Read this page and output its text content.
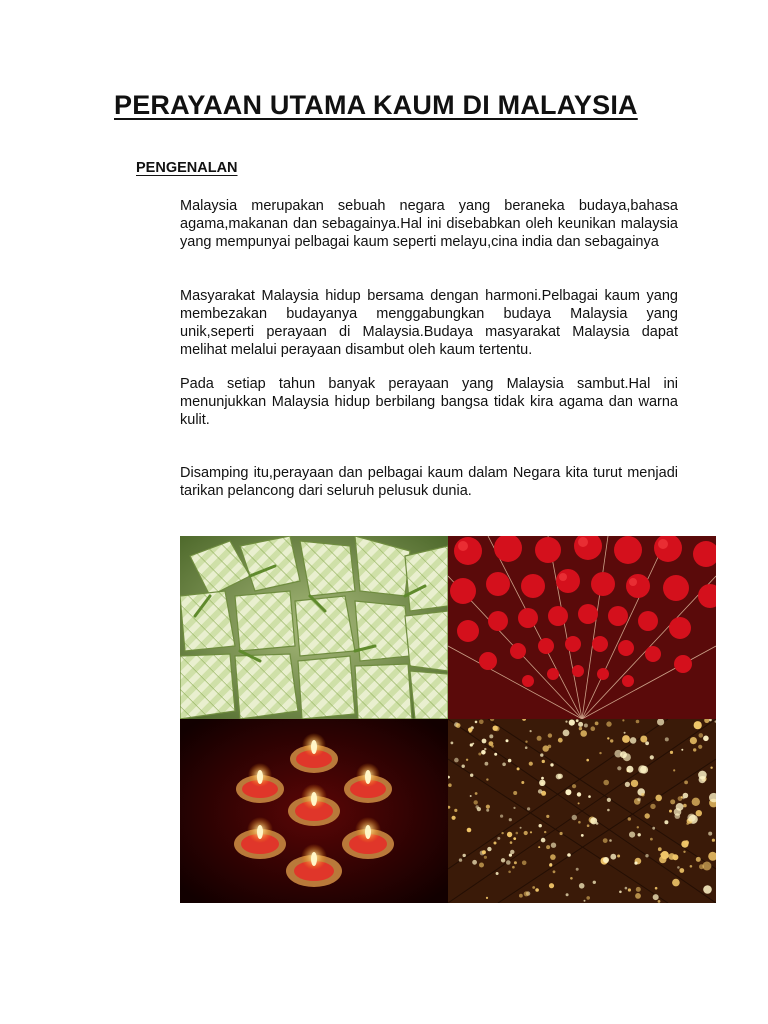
PERAYAAN UTAMA KAUM DI MALAYSIA
PENGENALAN

Malaysia merupakan sebuah negara yang beraneka budaya,bahasa agama,makanan dan sebagainya.Hal ini disebabkan oleh keunikan malaysia yang mempunyai pelbagai kaum seperti melayu,cina india dan sebagainya

Masyarakat Malaysia hidup bersama dengan harmoni.Pelbagai kaum yang membezakan budayanya menggabungkan budaya Malaysia yang unik,seperti perayaan di Malaysia.Budaya masyarakat Malaysia dapat melihat melalui perayaan disambut oleh kaum tertentu.

Pada setiap tahun banyak perayaan yang Malaysia sambut.Hal ini menunjukkan Malaysia hidup berbilang bangsa tidak kira agama dan warna kulit.

Disamping itu,perayaan dan pelbagai kaum dalam Negara kita turut menjadi tarikan pelancong dari seluruh pelusuk dunia.
